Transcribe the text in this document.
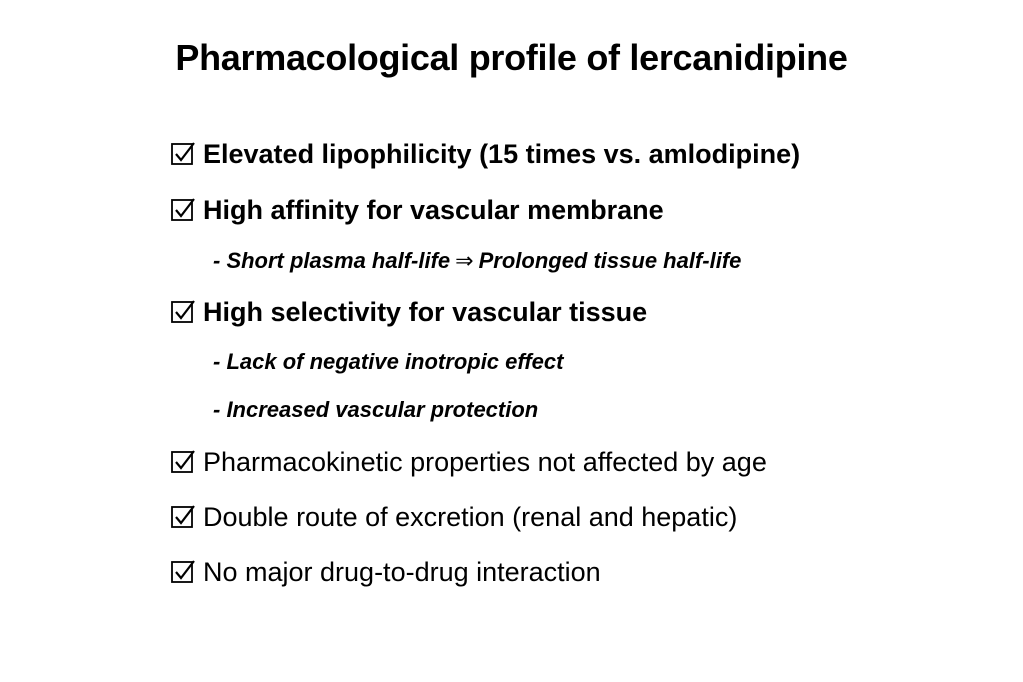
Pharmacological profile of lercanidipine
Elevated lipophilicity (15 times vs. amlodipine)
High affinity for vascular membrane
- Short plasma half-life ⇒ Prolonged tissue half-life
High selectivity for vascular tissue
- Lack of negative inotropic effect
- Increased vascular protection
Pharmacokinetic properties not affected by age
Double route of excretion (renal and hepatic)
No major drug-to-drug interaction
